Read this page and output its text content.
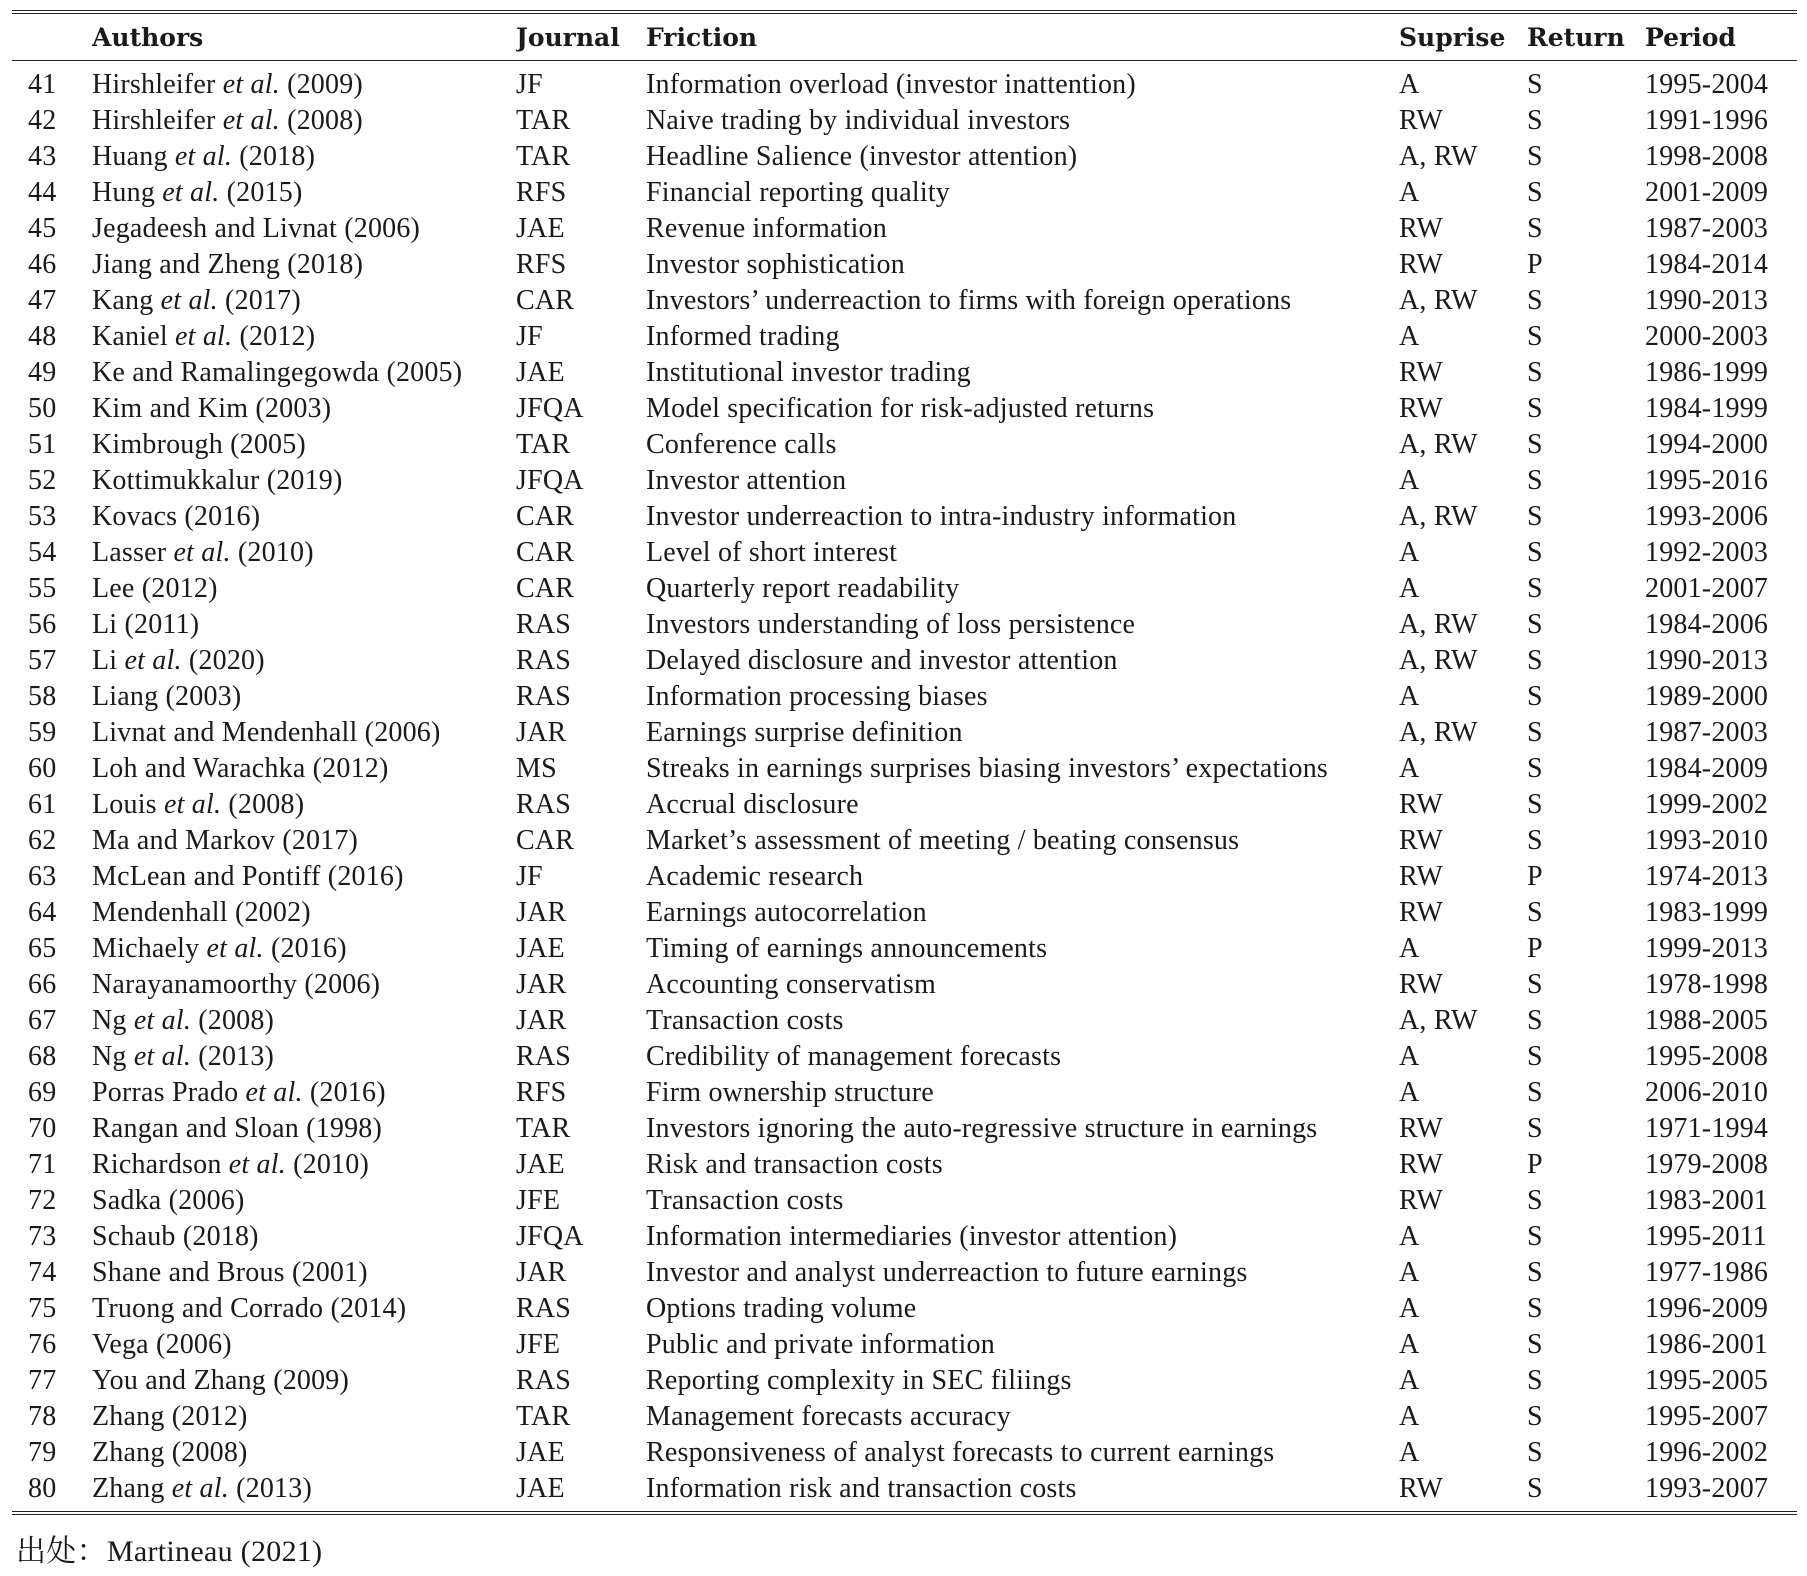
	Authors	Journal	Friction	Suprise	Return	Period
41	Hirshleifer et al. (2009)	JF	Information overload (investor inattention)	A	S	1995-2004
42	Hirshleifer et al. (2008)	TAR	Naive trading by individual investors	RW	S	1991-1996
43	Huang et al. (2018)	TAR	Headline Salience (investor attention)	A, RW	S	1998-2008
44	Hung et al. (2015)	RFS	Financial reporting quality	A	S	2001-2009
45	Jegadeesh and Livnat (2006)	JAE	Revenue information	RW	S	1987-2003
46	Jiang and Zheng (2018)	RFS	Investor sophistication	RW	P	1984-2014
47	Kang et al. (2017)	CAR	Investors’ underreaction to firms with foreign operations	A, RW	S	1990-2013
48	Kaniel et al. (2012)	JF	Informed trading	A	S	2000-2003
49	Ke and Ramalingegowda (2005)	JAE	Institutional investor trading	RW	S	1986-1999
50	Kim and Kim (2003)	JFQA	Model specification for risk-adjusted returns	RW	S	1984-1999
51	Kimbrough (2005)	TAR	Conference calls	A, RW	S	1994-2000
52	Kottimukkalur (2019)	JFQA	Investor attention	A	S	1995-2016
53	Kovacs (2016)	CAR	Investor underreaction to intra-industry information	A, RW	S	1993-2006
54	Lasser et al. (2010)	CAR	Level of short interest	A	S	1992-2003
55	Lee (2012)	CAR	Quarterly report readability	A	S	2001-2007
56	Li (2011)	RAS	Investors understanding of loss persistence	A, RW	S	1984-2006
57	Li et al. (2020)	RAS	Delayed disclosure and investor attention	A, RW	S	1990-2013
58	Liang (2003)	RAS	Information processing biases	A	S	1989-2000
59	Livnat and Mendenhall (2006)	JAR	Earnings surprise definition	A, RW	S	1987-2003
60	Loh and Warachka (2012)	MS	Streaks in earnings surprises biasing investors’ expectations	A	S	1984-2009
61	Louis et al. (2008)	RAS	Accrual disclosure	RW	S	1999-2002
62	Ma and Markov (2017)	CAR	Market’s assessment of meeting / beating consensus	RW	S	1993-2010
63	McLean and Pontiff (2016)	JF	Academic research	RW	P	1974-2013
64	Mendenhall (2002)	JAR	Earnings autocorrelation	RW	S	1983-1999
65	Michaely et al. (2016)	JAE	Timing of earnings announcements	A	P	1999-2013
66	Narayanamoorthy (2006)	JAR	Accounting conservatism	RW	S	1978-1998
67	Ng et al. (2008)	JAR	Transaction costs	A, RW	S	1988-2005
68	Ng et al. (2013)	RAS	Credibility of management forecasts	A	S	1995-2008
69	Porras Prado et al. (2016)	RFS	Firm ownership structure	A	S	2006-2010
70	Rangan and Sloan (1998)	TAR	Investors ignoring the auto-regressive structure in earnings	RW	S	1971-1994
71	Richardson et al. (2010)	JAE	Risk and transaction costs	RW	P	1979-2008
72	Sadka (2006)	JFE	Transaction costs	RW	S	1983-2001
73	Schaub (2018)	JFQA	Information intermediaries (investor attention)	A	S	1995-2011
74	Shane and Brous (2001)	JAR	Investor and analyst underreaction to future earnings	A	S	1977-1986
75	Truong and Corrado (2014)	RAS	Options trading volume	A	S	1996-2009
76	Vega (2006)	JFE	Public and private information	A	S	1986-2001
77	You and Zhang (2009)	RAS	Reporting complexity in SEC filiings	A	S	1995-2005
78	Zhang (2012)	TAR	Management forecasts accuracy	A	S	1995-2007
79	Zhang (2008)	JAE	Responsiveness of analyst forecasts to current earnings	A	S	1996-2002
80	Zhang et al. (2013)	JAE	Information risk and transaction costs	RW	S	1993-2007
出处：Martineau (2021)
